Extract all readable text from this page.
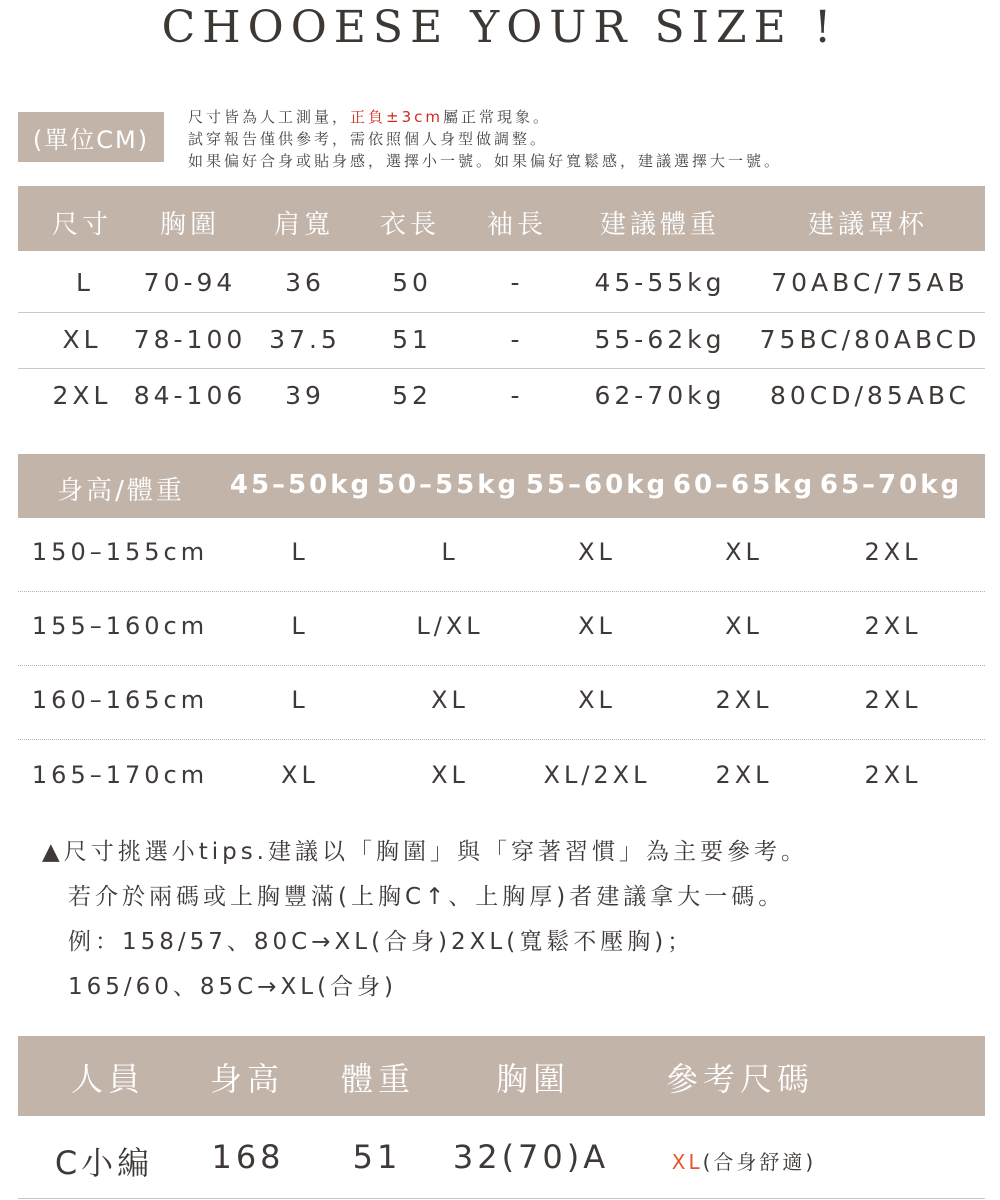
CHOOESE YOUR SIZE !
(單位CM)
尺寸皆為人工測量，正負±3cm屬正常現象。
試穿報告僅供參考，需依照個人身型做調整。
如果偏好合身或貼身感，選擇小一號。如果偏好寬鬆感，建議選擇大一號。
尺寸 胸圍 肩寬 衣長 袖長 建議體重	建議罩杯
L 70-94 36	50	-	45-55kg 70ABC/75AB
XL 78-100 37.5 51	-	55-62kg 75BC/80ABCD
2XL 84-106 39	52	-	62-70kg 80CD/85ABC
身高/體重 45–50kg 50–55kg 55–60kg 60–65kg 65–70kg
150–155cm	L	L	XL	XL	2XL
155–160cm	L	L/XL	XL	XL	2XL
160–165cm	L	XL	XL	2XL	2XL
165–170cm	XL	XL	XL/2XL	2XL	2XL
▲尺寸挑選小tips.建議以「胸圍」與「穿著習慣」為主要參考。
若介於兩碼或上胸豐滿(上胸C↑、上胸厚)者建議拿大一碼。
例：158/57、80C→XL(合身)2XL(寬鬆不壓胸)；
165/60、85C→XL(合身)
人員 身高 體重	胸圍	參考尺碼
C小編 168 51 32(70)A	XL(合身舒適)
